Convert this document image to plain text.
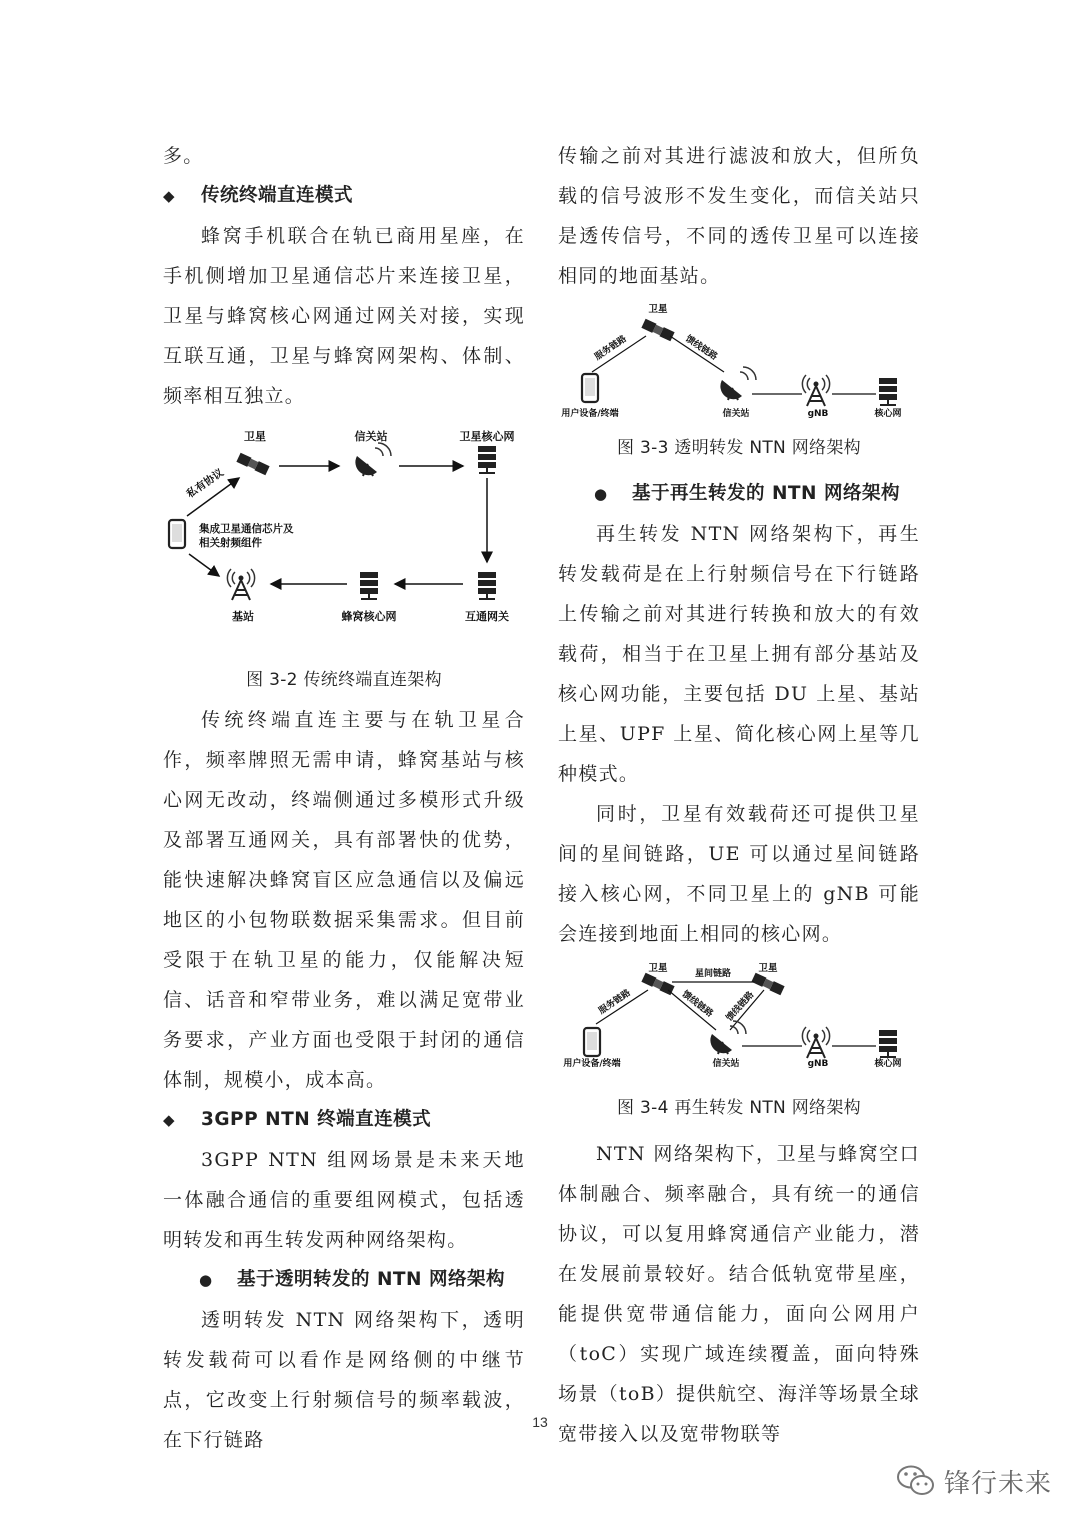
多。

◆ 传统终端直连模式

蜂窝手机联合在轨已商用星座，在手机侧增加卫星通信芯片来连接卫星，卫星与蜂窝核心网通过网关对接，实现互联互通，卫星与蜂窝网架构、体制、频率相互独立。

卫星	信关站	卫星核心网
私有协议
集成卫星通信芯片及
相关射频组件
基站	蜂窝核心网	互通网关

图 3-2 传统终端直连架构

传统终端直连主要与在轨卫星合作，频率牌照无需申请，蜂窝基站与核心网无改动，终端侧通过多模形式升级及部署互通网关，具有部署快的优势，能快速解决蜂窝盲区应急通信以及偏远地区的小包物联数据采集需求。但目前受限于在轨卫星的能力，仅能解决短信、话音和窄带业务，难以满足宽带业务要求，产业方面也受限于封闭的通信体制，规模小，成本高。

◆ 3GPP NTN 终端直连模式

3GPP NTN 组网场景是未来天地一体融合通信的重要组网模式，包括透明转发和再生转发两种网络架构。

● 基于透明转发的 NTN 网络架构

透明转发 NTN 网络架构下，透明转发载荷可以看作是网络侧的中继节点，它改变上行射频信号的频率载波，在下行链路

传输之前对其进行滤波和放大，但所负载的信号波形不发生变化，而信关站只是透传信号，不同的透传卫星可以连接相同的地面基站。

卫星
服务链路	馈线链路
用户设备/终端	信关站	gNB	核心网

图 3-3 透明转发 NTN 网络架构

● 基于再生转发的 NTN 网络架构

再生转发 NTN 网络架构下，再生转发载荷是在上行射频信号在下行链路上传输之前对其进行转换和放大的有效载荷，相当于在卫星上拥有部分基站及核心网功能，主要包括 DU 上星、基站上星、UPF 上星、简化核心网上星等几种模式。

同时，卫星有效载荷还可提供卫星间的星间链路，UE 可以通过星间链路接入核心网，不同卫星上的 gNB 可能会连接到地面上相同的核心网。

卫星	卫星
星间链路
服务链路	馈线链路 馈线链路
用户设备/终端	信关站	gNB	核心网

图 3-4 再生转发 NTN 网络架构

NTN 网络架构下，卫星与蜂窝空口体制融合、频率融合，具有统一的通信协议，可以复用蜂窝通信产业能力，潜在发展前景较好。结合低轨宽带星座，能提供宽带通信能力，面向公网用户（toC）实现广域连续覆盖，面向特殊场景（toB）提供航空、海洋等场景全球宽带接入以及宽带物联等

13
锋行未来
